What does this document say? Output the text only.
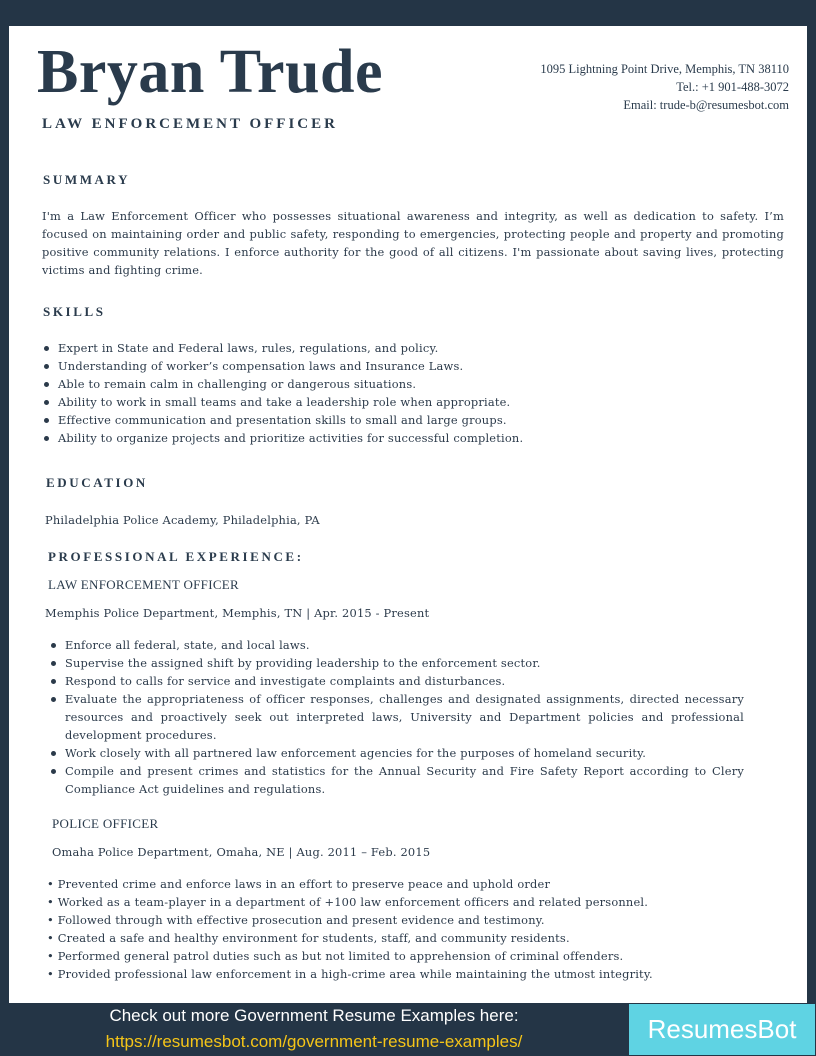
Bryan Trude
LAW ENFORCEMENT OFFICER
1095 Lightning Point Drive, Memphis, TN 38110
Tel.: +1 901-488-3072
Email: trude-b@resumesbot.com
SUMMARY
I'm a Law Enforcement Officer who possesses situational awareness and integrity, as well as dedication to safety. I’m focused on maintaining order and public safety, responding to emergencies, protecting people and property and promoting positive community relations. I enforce authority for the good of all citizens. I'm passionate about saving lives, protecting victims and fighting crime.
SKILLS
Expert in State and Federal laws, rules, regulations, and policy.
Understanding of worker’s compensation laws and Insurance Laws.
Able to remain calm in challenging or dangerous situations.
Ability to work in small teams and take a leadership role when appropriate.
Effective communication and presentation skills to small and large groups.
Ability to organize projects and prioritize activities for successful completion.
EDUCATION
Philadelphia Police Academy, Philadelphia, PA
PROFESSIONAL EXPERIENCE:
LAW ENFORCEMENT OFFICER
Memphis Police Department, Memphis, TN | Apr. 2015 - Present
Enforce all federal, state, and local laws.
Supervise the assigned shift by providing leadership to the enforcement sector.
Respond to calls for service and investigate complaints and disturbances.
Evaluate the appropriateness of officer responses, challenges and designated assignments, directed necessary resources and proactively seek out interpreted laws, University and Department policies and professional development procedures.
Work closely with all partnered law enforcement agencies for the purposes of homeland security.
Compile and present crimes and statistics for the Annual Security and Fire Safety Report according to Clery Compliance Act guidelines and regulations.
POLICE OFFICER
Omaha Police Department, Omaha, NE | Aug. 2011 – Feb. 2015
• Prevented crime and enforce laws in an effort to preserve peace and uphold order
• Worked as a team-player in a department of +100 law enforcement officers and related personnel.
• Followed through with effective prosecution and present evidence and testimony.
• Created a safe and healthy environment for students, staff, and community residents.
• Performed general patrol duties such as but not limited to apprehension of criminal offenders.
• Provided professional law enforcement in a high-crime area while maintaining the utmost integrity.
Check out more Government Resume Examples here:
https://resumesbot.com/government-resume-examples/	ResumesBot
